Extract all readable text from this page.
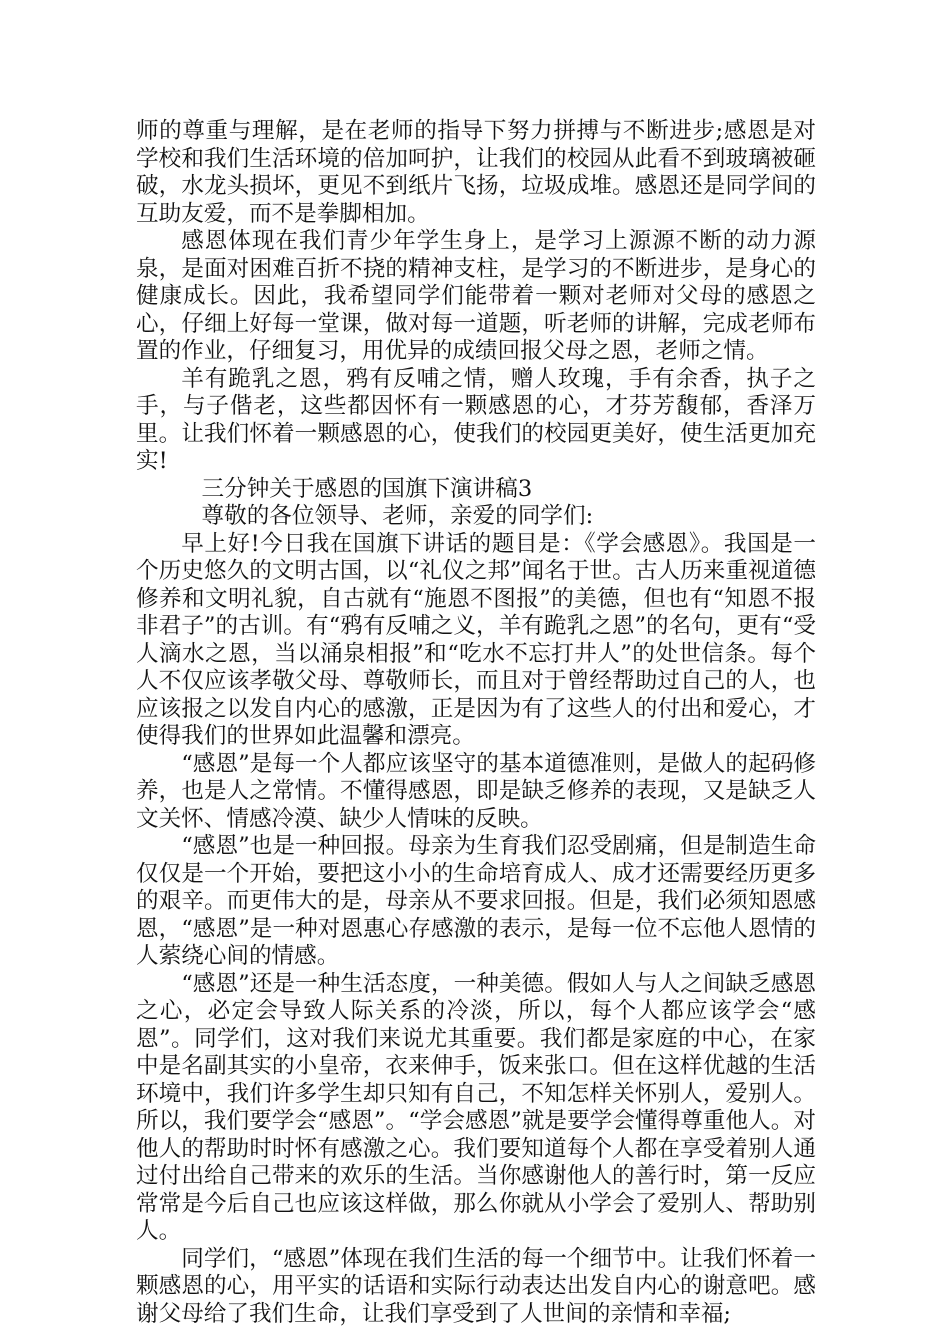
师的尊重与理解，是在老师的指导下努力拼搏与不断进步;感恩是对学校和我们生活环境的倍加呵护，让我们的校园从此看不到玻璃被砸破，水龙头损坏，更见不到纸片飞扬，垃圾成堆。感恩还是同学间的互助友爱，而不是拳脚相加。

感恩体现在我们青少年学生身上，是学习上源源不断的动力源泉，是面对困难百折不挠的精神支柱，是学习的不断进步，是身心的健康成长。因此，我希望同学们能带着一颗对老师对父母的感恩之心，仔细上好每一堂课，做对每一道题，听老师的讲解，完成老师布置的作业，仔细复习，用优异的成绩回报父母之恩，老师之情。

羊有跪乳之恩，鸦有反哺之情，赠人玫瑰，手有余香，执子之手，与子偕老，这些都因怀有一颗感恩的心，才芬芳馥郁，香泽万里。让我们怀着一颗感恩的心，使我们的校园更美好，使生活更加充实!

三分钟关于感恩的国旗下演讲稿3

尊敬的各位领导、老师，亲爱的同学们:

早上好!今日我在国旗下讲话的题目是：《学会感恩》。我国是一个历史悠久的文明古国，以“礼仪之邦”闻名于世。古人历来重视道德修养和文明礼貌，自古就有“施恩不图报”的美德，但也有“知恩不报非君子”的古训。有“鸦有反哺之义，羊有跪乳之恩”的名句，更有“受人滴水之恩，当以涌泉相报”和“吃水不忘打井人”的处世信条。每个人不仅应该孝敬父母、尊敬师长，而且对于曾经帮助过自己的人，也应该报之以发自内心的感激，正是因为有了这些人的付出和爱心，才使得我们的世界如此温馨和漂亮。

“感恩”是每一个人都应该坚守的基本道德准则，是做人的起码修养，也是人之常情。不懂得感恩，即是缺乏修养的表现，又是缺乏人文关怀、情感冷漠、缺少人情味的反映。

“感恩”也是一种回报。母亲为生育我们忍受剧痛，但是制造生命仅仅是一个开始，要把这小小的生命培育成人、成才还需要经历更多的艰辛。而更伟大的是，母亲从不要求回报。但是，我们必须知恩感恩，“感恩”是一种对恩惠心存感激的表示，是每一位不忘他人恩情的人萦绕心间的情感。

“感恩”还是一种生活态度，一种美德。假如人与人之间缺乏感恩之心，必定会导致人际关系的冷淡，所以，每个人都应该学会“感恩”。同学们，这对我们来说尤其重要。我们都是家庭的中心，在家中是名副其实的小皇帝，衣来伸手，饭来张口。但在这样优越的生活环境中，我们许多学生却只知有自己，不知怎样关怀别人，爱别人。所以，我们要学会“感恩”。“学会感恩”就是要学会懂得尊重他人。对他人的帮助时时怀有感激之心。我们要知道每个人都在享受着别人通过付出给自己带来的欢乐的生活。当你感谢他人的善行时，第一反应常常是今后自己也应该这样做，那么你就从小学会了爱别人、帮助别人。

同学们，“感恩”体现在我们生活的每一个细节中。让我们怀着一颗感恩的心，用平实的话语和实际行动表达出发自内心的谢意吧。感谢父母给了我们生命，让我们享受到了人世间的亲情和幸福;
